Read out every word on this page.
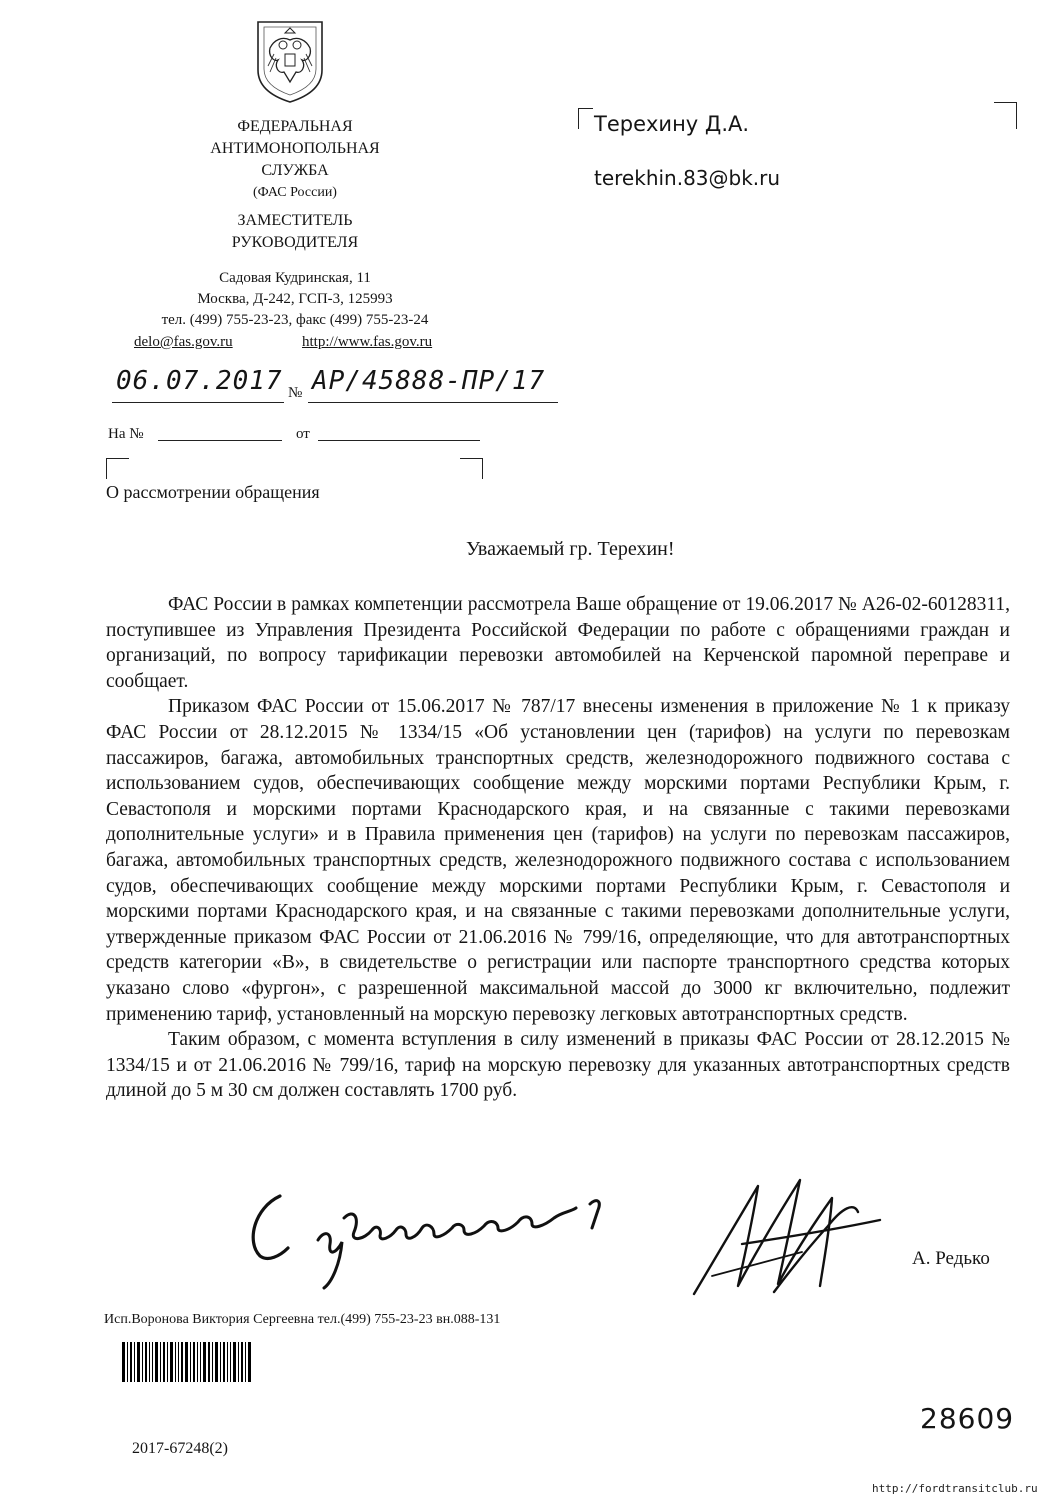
ФЕДЕРАЛЬНАЯ
АНТИМОНОПОЛЬНАЯ
СЛУЖБА
(ФАС России)
ЗАМЕСТИТЕЛЬ
РУКОВОДИТЕЛЯ
Садовая Кудринская, 11
Москва, Д-242, ГСП-3, 125993
тел. (499) 755-23-23, факс (499) 755-23-24
delo@fas.gov.ru	http://www.fas.gov.ru
06.07.2017 № АР/45888-ПР/17
На №	от
О рассмотрении обращения
Терехину Д.А.
terekhin.83@bk.ru
Уважаемый гр. Терехин!

ФАС России в рамках компетенции рассмотрела Ваше обращение от 19.06.2017 № А26-02-60128311, поступившее из Управления Президента Российской Федерации по работе с обращениями граждан и организаций, по вопросу тарификации перевозки автомобилей на Керченской паромной переправе и сообщает.

Приказом ФАС России от 15.06.2017 № 787/17 внесены изменения в приложение № 1 к приказу ФАС России от 28.12.2015 № 1334/15 «Об установлении цен (тарифов) на услуги по перевозкам пассажиров, багажа, автомобильных транспортных средств, железнодорожного подвижного состава с использованием судов, обеспечивающих сообщение между морскими портами Республики Крым, г. Севастополя и морскими портами Краснодарского края, и на связанные с такими перевозками дополнительные услуги» и в Правила применения цен (тарифов) на услуги по перевозкам пассажиров, багажа, автомобильных транспортных средств, железнодорожного подвижного состава с использованием судов, обеспечивающих сообщение между морскими портами Республики Крым, г. Севастополя и морскими портами Краснодарского края, и на связанные с такими перевозками дополнительные услуги, утвержденные приказом ФАС России от 21.06.2016 № 799/16, определяющие, что для автотранспортных средств категории «В», в свидетельстве о регистрации или паспорте транспортного средства которых указано слово «фургон», с разрешенной максимальной массой до 3000 кг включительно, подлежит применению тариф, установленный на морскую перевозку легковых автотранспортных средств.

Таким образом, с момента вступления в силу изменений в приказы ФАС России от 28.12.2015 № 1334/15 и от 21.06.2016 № 799/16, тариф на морскую перевозку для указанных автотранспортных средств длиной до 5 м 30 см должен составлять 1700 руб.

А. Редько
Исп.Воронова Виктория Сергеевна тел.(499) 755-23-23 вн.088-131
28609
2017-67248(2)
http://fordtransitclub.ru
